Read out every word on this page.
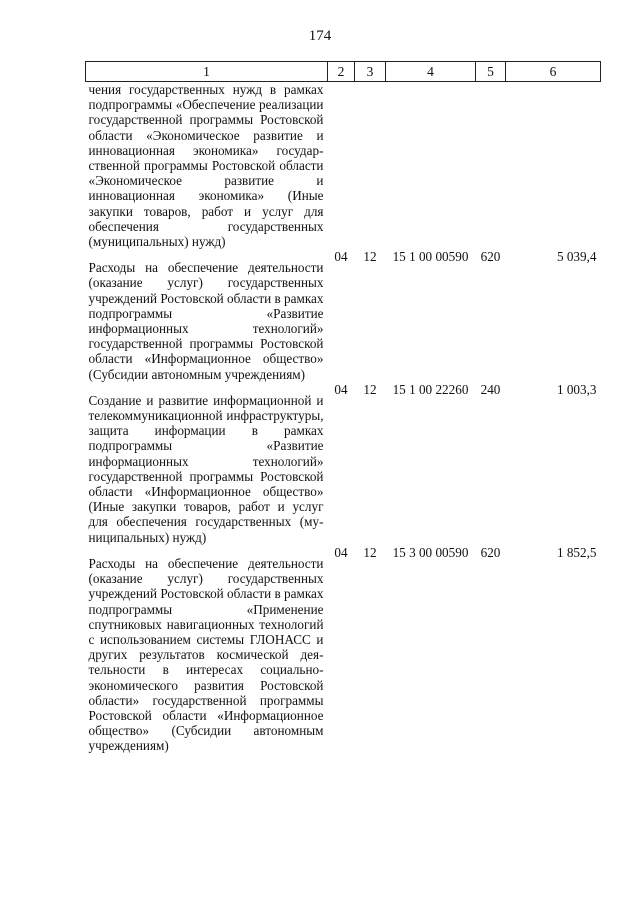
174
1	2	3	4	5	6
чения государственных нужд в рамках подпрограммы «Обеспечение реализации государственной программы Ростовской области «Экономическое развитие и инновационная экономика» государственной программы Ростовской области «Экономическое развитие и инновационная экономика» (Иные закупки товаров, работ и услуг для обеспечения государственных (муниципальных) нужд)					
Расходы на обеспечение деятельности (оказание услуг) государственных учреждений Ростовской области в рамках подпрограммы «Развитие информационных технологий» государственной программы Ростовской области «Информационное общество» (Субсидии автономным учреждениям)	04	12	15 1 00 00590	620	5 039,4
Создание и развитие информационной и телекоммуникационной инфраструктуры, защита информации в рамках подпрограммы «Развитие информационных технологий» государственной программы Ростовской области «Информационное общество» (Иные закупки товаров, работ и услуг для обеспечения государственных (муниципальных) нужд)	04	12	15 1 00 22260	240	1 003,3
Расходы на обеспечение деятельности (оказание услуг) государственных учреждений Ростовской области в рамках подпрограммы «Применение спутниковых навигационных технологий с использованием системы ГЛОНАСС и других результатов космической деятельности в интересах социально-экономического развития Ростовской области» государственной программы Ростовской области «Информационное общество» (Субсидии автономным учреждениям)	04	12	15 3 00 00590	620	1 852,5
